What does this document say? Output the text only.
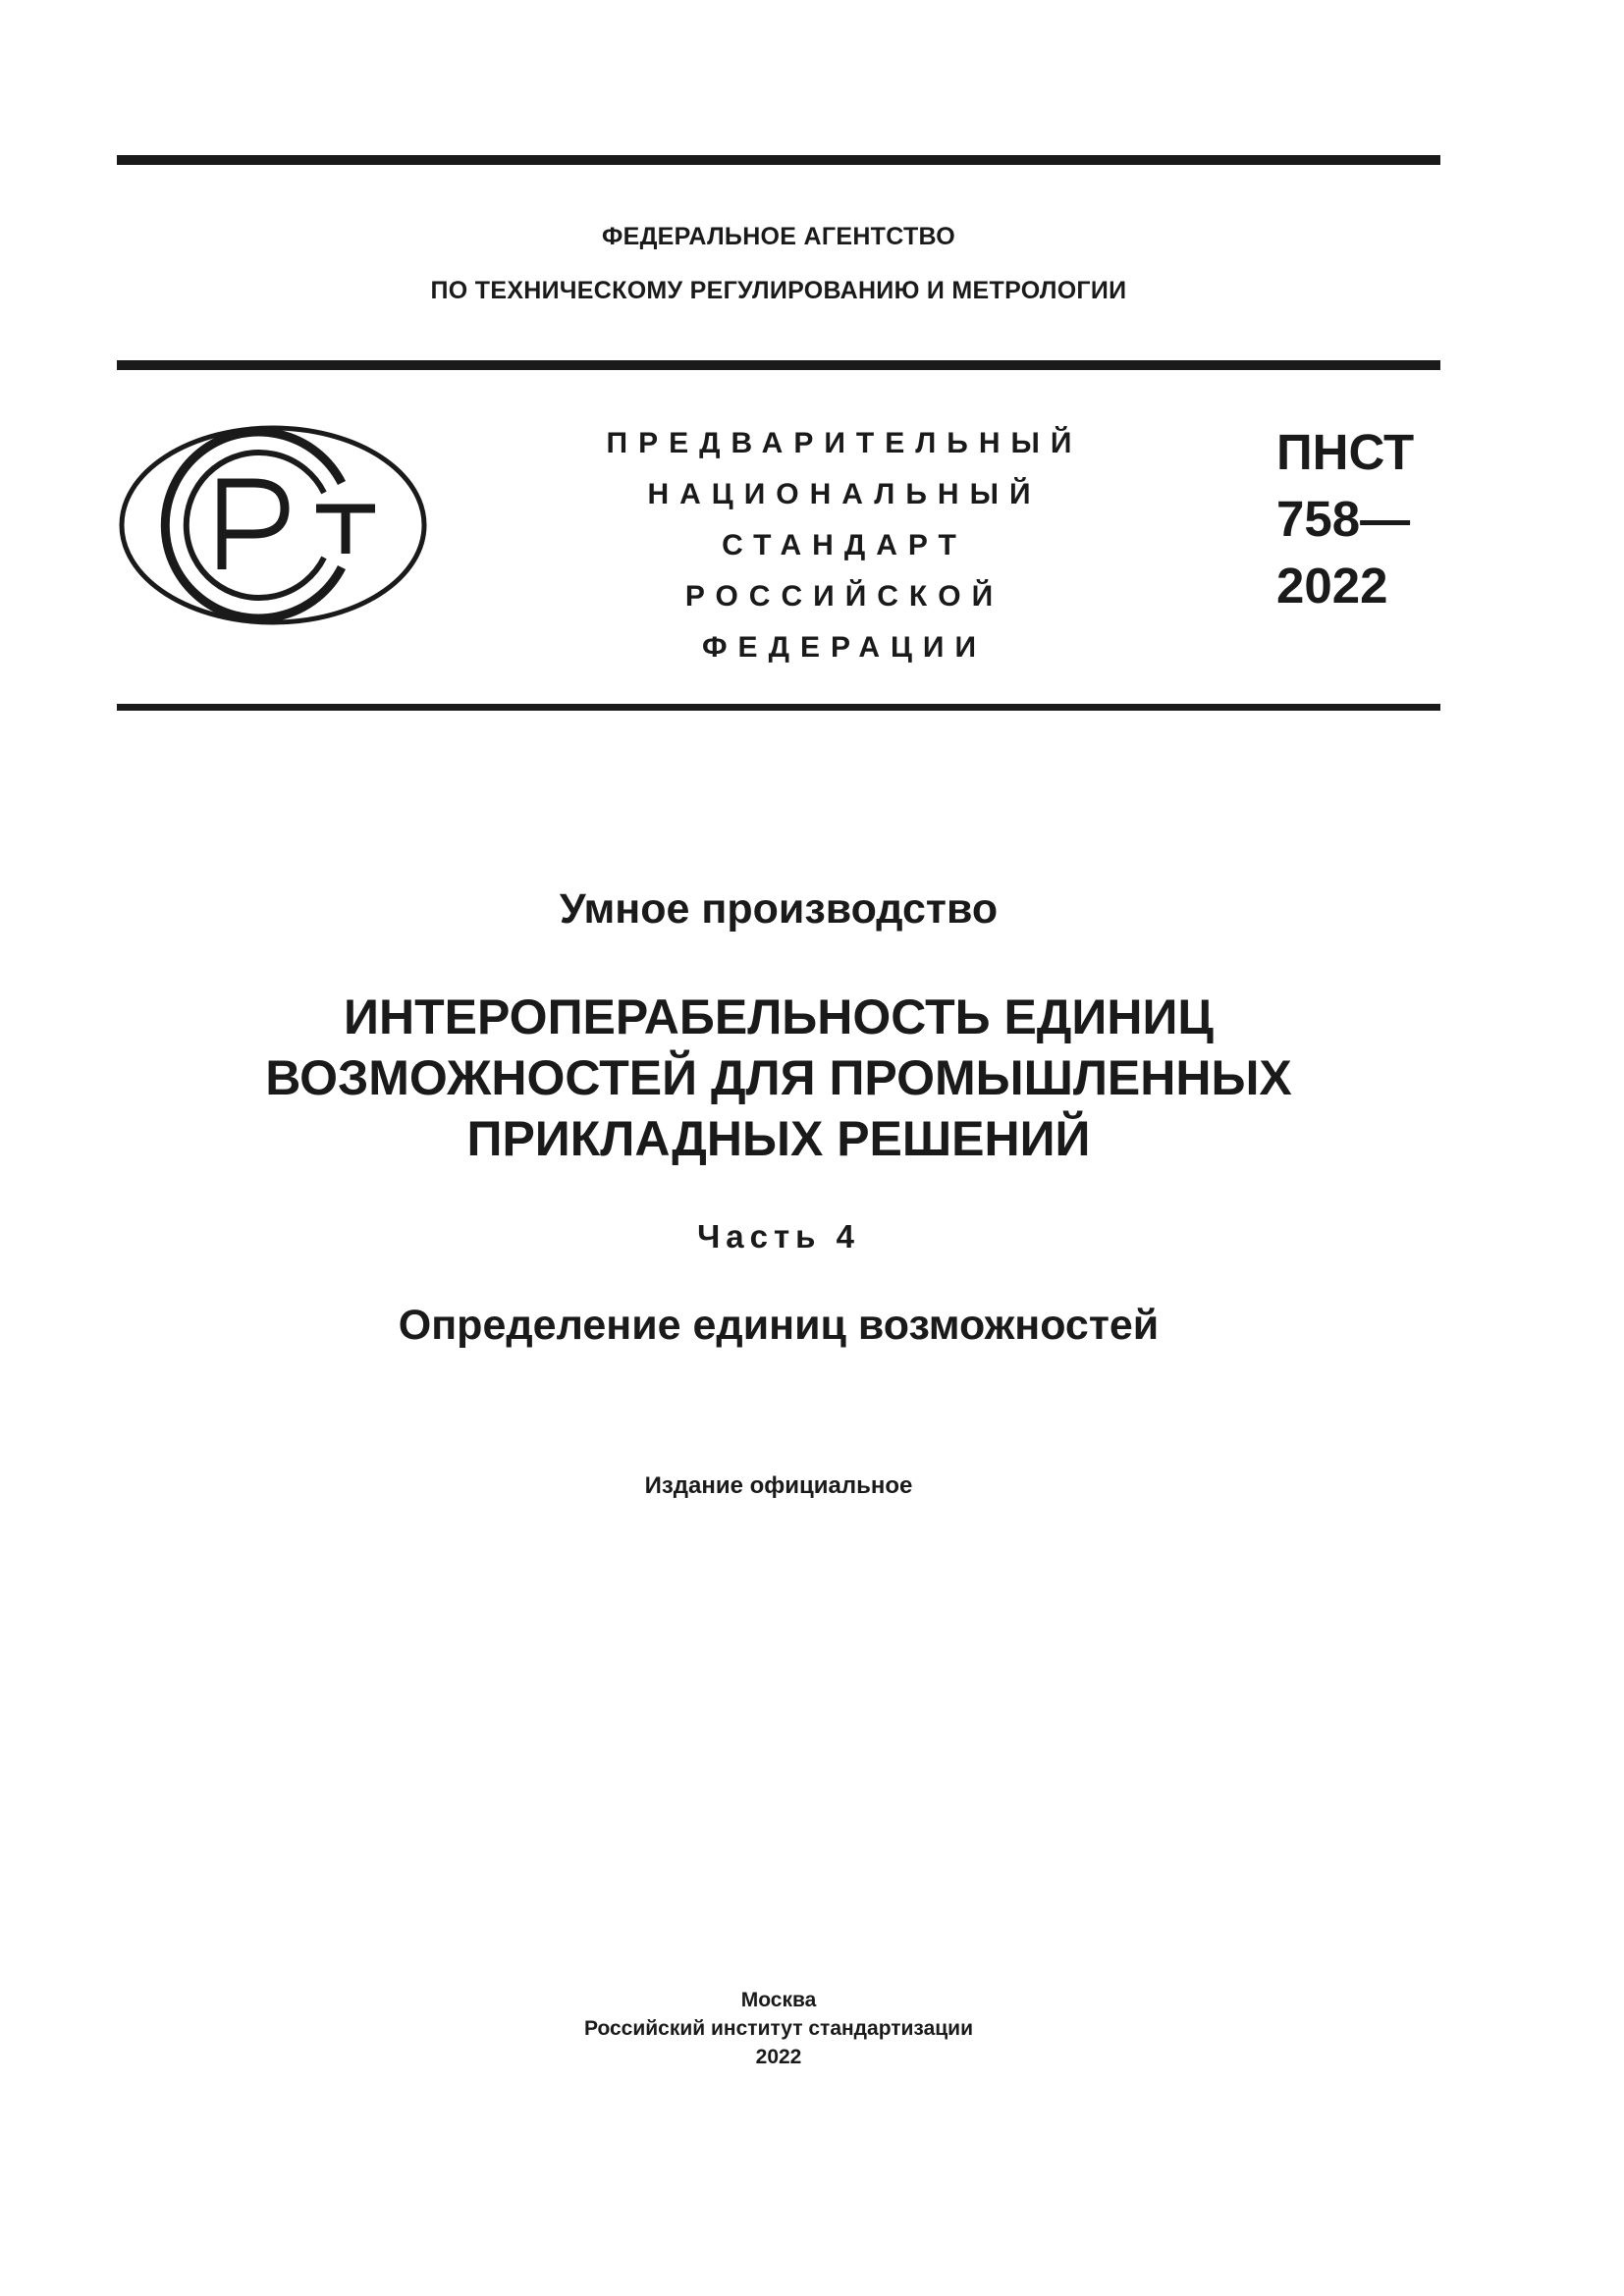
ФЕДЕРАЛЬНОЕ АГЕНТСТВО
ПО ТЕХНИЧЕСКОМУ РЕГУЛИРОВАНИЮ И МЕТРОЛОГИИ
ПРЕДВАРИТЕЛЬНЫЙ
НАЦИОНАЛЬНЫЙ
СТАНДАРТ
РОССИЙСКОЙ
ФЕДЕРАЦИИ
ПНСТ
758—
2022
Умное производство
ИНТЕРОПЕРАБЕЛЬНОСТЬ ЕДИНИЦ
ВОЗМОЖНОСТЕЙ ДЛЯ ПРОМЫШЛЕННЫХ
ПРИКЛАДНЫХ РЕШЕНИЙ
Часть 4
Определение единиц возможностей
Издание официальное
Москва
Российский институт стандартизации
2022
